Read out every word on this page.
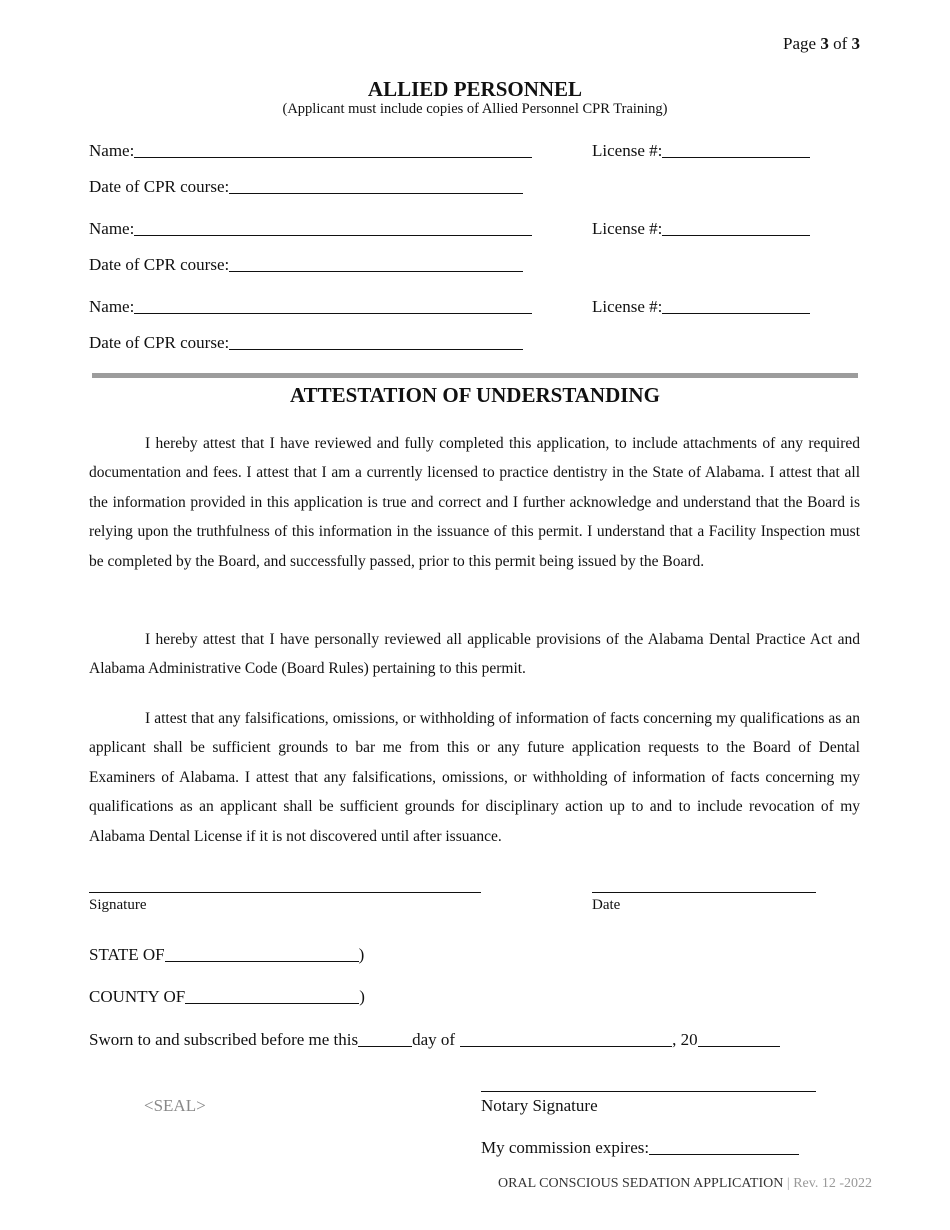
Page 3 of 3
ALLIED PERSONNEL
(Applicant must include copies of Allied Personnel CPR Training)
Name:	License #:
Date of CPR course:
Name:	License #:
Date of CPR course:
Name:	License #:
Date of CPR course:
ATTESTATION OF UNDERSTANDING

I hereby attest that I have reviewed and fully completed this application, to include attachments of any required documentation and fees. I attest that I am a currently licensed to practice dentistry in the State of Alabama. I attest that all the information provided in this application is true and correct and I further acknowledge and understand that the Board is relying upon the truthfulness of this information in the issuance of this permit. I understand that a Facility Inspection must be completed by the Board, and successfully passed, prior to this permit being issued by the Board.

I hereby attest that I have personally reviewed all applicable provisions of the Alabama Dental Practice Act and Alabama Administrative Code (Board Rules) pertaining to this permit.

I attest that any falsifications, omissions, or withholding of information of facts concerning my qualifications as an applicant shall be sufficient grounds to bar me from this or any future application requests to the Board of Dental Examiners of Alabama. I attest that any falsifications, omissions, or withholding of information of facts concerning my qualifications as an applicant shall be sufficient grounds for disciplinary action up to and to include revocation of my Alabama Dental License if it is not discovered until after issuance.

Signature	Date
STATE OF	)
COUNTY OF	)
Sworn to and subscribed before me this	day of	, 20
<SEAL>	Notary Signature
My commission expires:
ORAL CONSCIOUS SEDATION APPLICATION | Rev. 12 -2022
